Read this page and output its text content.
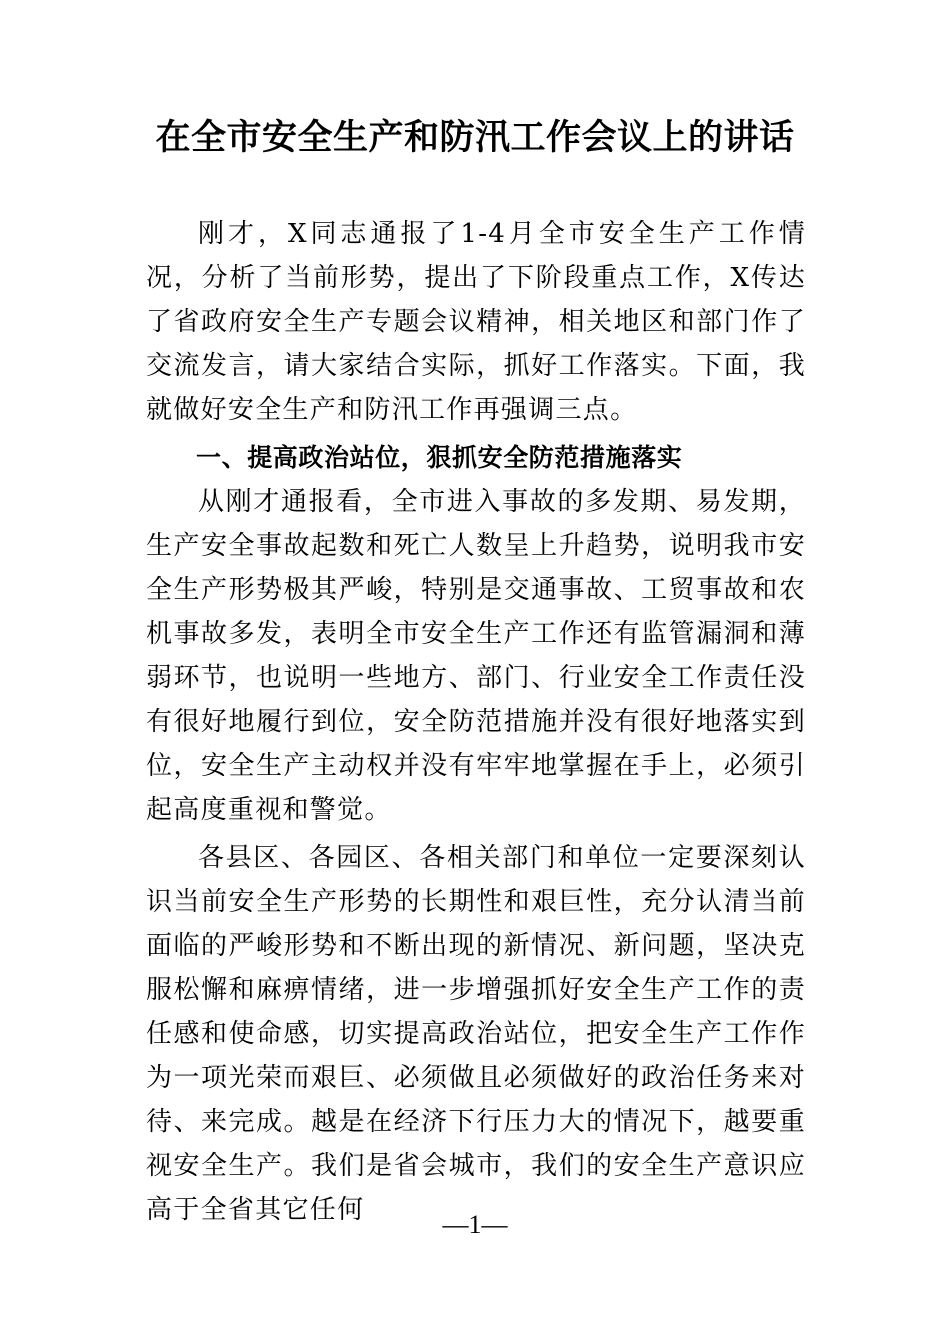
在全市安全生产和防汛工作会议上的讲话

刚才，X同志通报了1-4月全市安全生产工作情况，分析了当前形势，提出了下阶段重点工作，X传达了省政府安全生产专题会议精神，相关地区和部门作了交流发言，请大家结合实际，抓好工作落实。下面，我就做好安全生产和防汛工作再强调三点。

一、提高政治站位，狠抓安全防范措施落实

从刚才通报看，全市进入事故的多发期、易发期，生产安全事故起数和死亡人数呈上升趋势，说明我市安全生产形势极其严峻，特别是交通事故、工贸事故和农机事故多发，表明全市安全生产工作还有监管漏洞和薄弱环节，也说明一些地方、部门、行业安全工作责任没有很好地履行到位，安全防范措施并没有很好地落实到位，安全生产主动权并没有牢牢地掌握在手上，必须引起高度重视和警觉。

各县区、各园区、各相关部门和单位一定要深刻认识当前安全生产形势的长期性和艰巨性，充分认清当前面临的严峻形势和不断出现的新情况、新问题，坚决克服松懈和麻痹情绪，进一步增强抓好安全生产工作的责任感和使命感，切实提高政治站位，把安全生产工作作为一项光荣而艰巨、必须做且必须做好的政治任务来对待、来完成。越是在经济下行压力大的情况下，越要重视安全生产。我们是省会城市，我们的安全生产意识应高于全省其它任何	—1—
